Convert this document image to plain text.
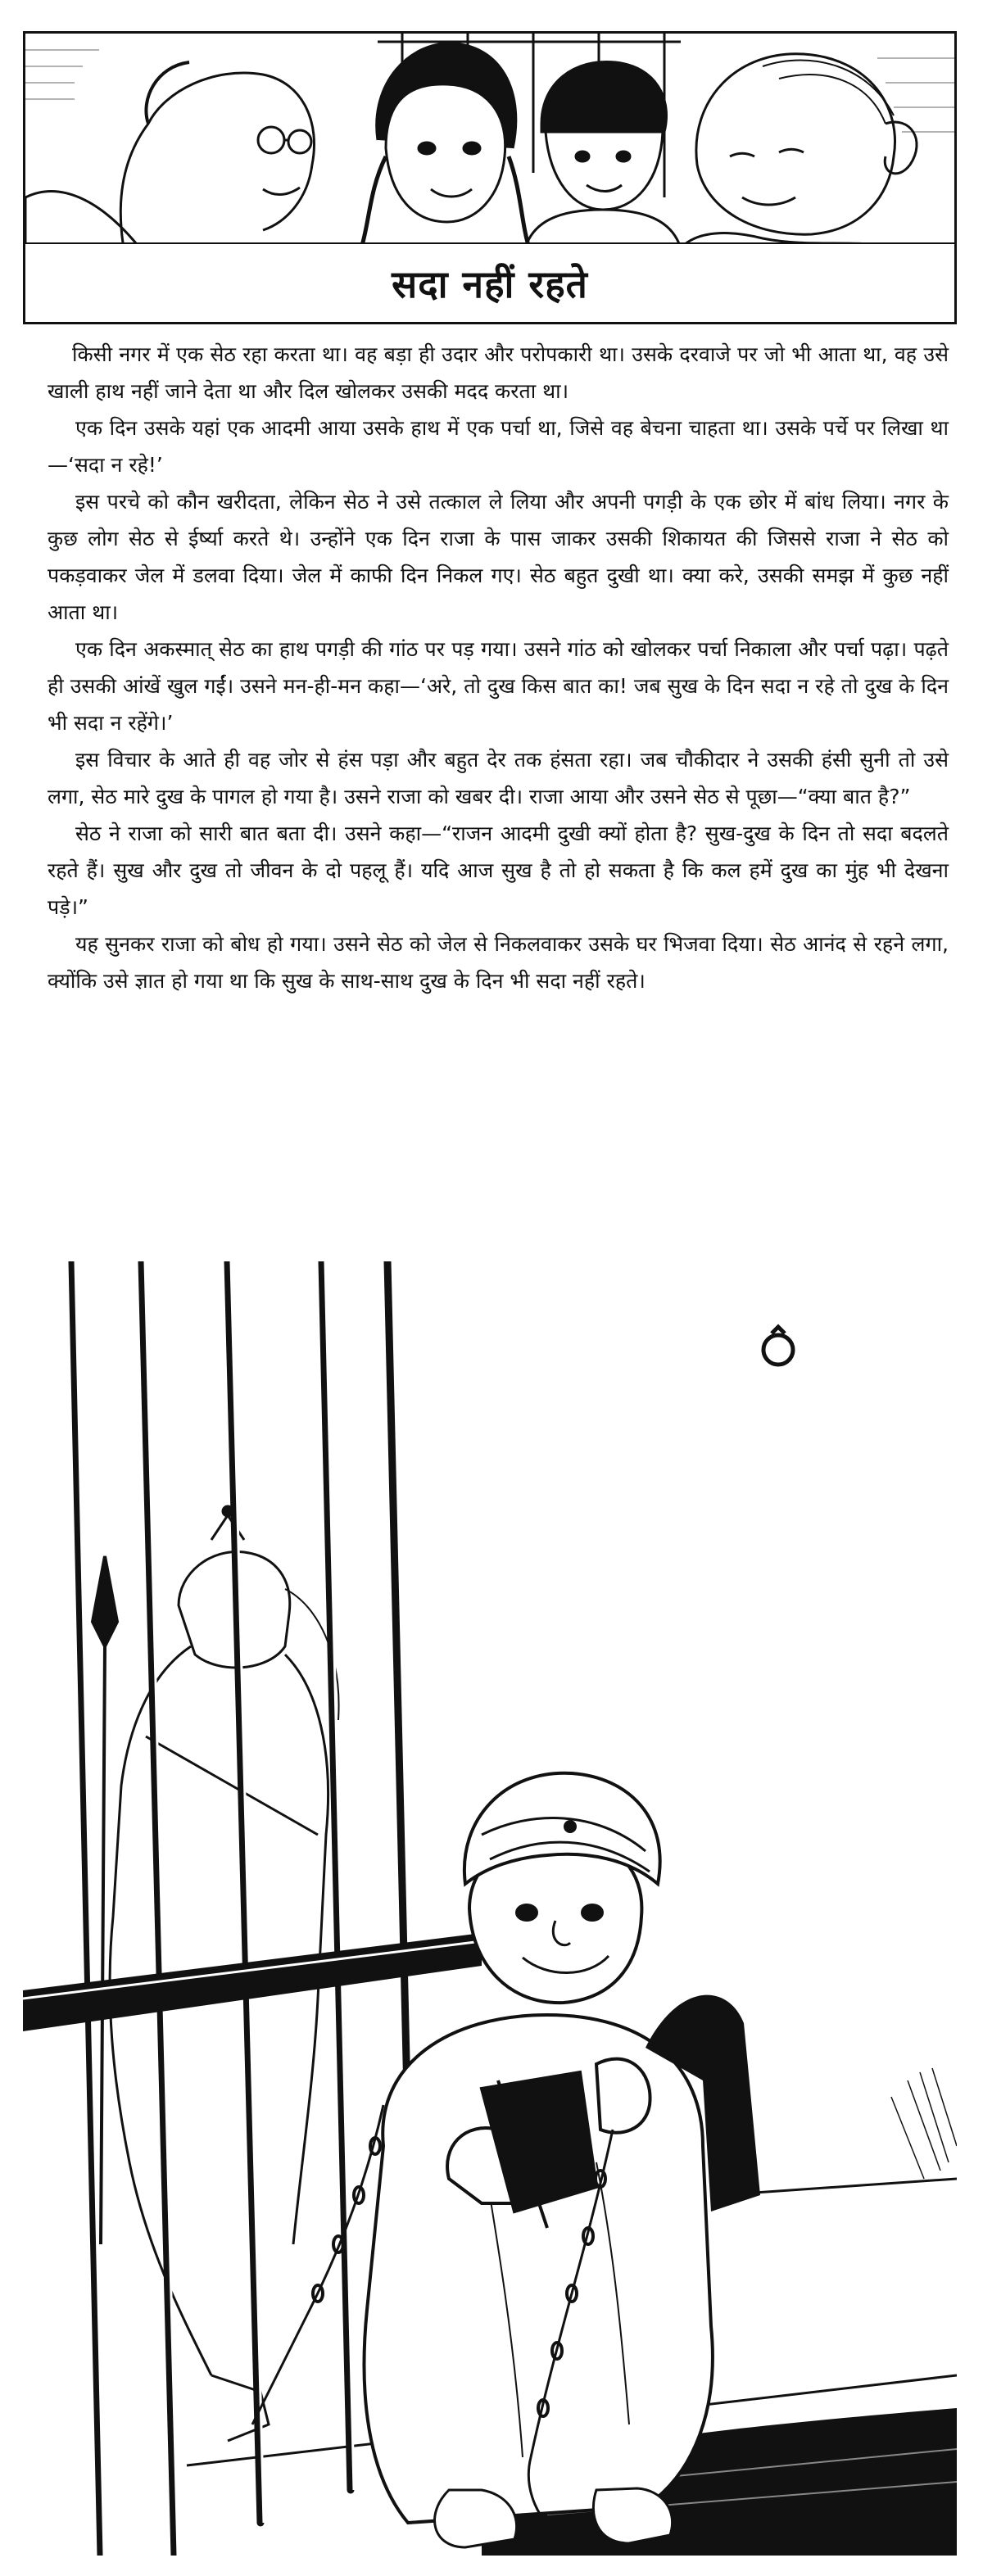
सदा नहीं रहते

किसी नगर में एक सेठ रहा करता था। वह बड़ा ही उदार और परोपकारी था। उसके दरवाजे पर जो भी आता था, वह उसे खाली हाथ नहीं जाने देता था और दिल खोलकर उसकी मदद करता था।

एक दिन उसके यहां एक आदमी आया उसके हाथ में एक पर्चा था, जिसे वह बेचना चाहता था। उसके पर्चे पर लिखा था—‘सदा न रहे!’

इस परचे को कौन खरीदता, लेकिन सेठ ने उसे तत्काल ले लिया और अपनी पगड़ी के एक छोर में बांध लिया। नगर के कुछ लोग सेठ से ईर्ष्या करते थे। उन्होंने एक दिन राजा के पास जाकर उसकी शिकायत की जिससे राजा ने सेठ को पकड़वाकर जेल में डलवा दिया। जेल में काफी दिन निकल गए। सेठ बहुत दुखी था। क्या करे, उसकी समझ में कुछ नहीं आता था।

एक दिन अकस्मात् सेठ का हाथ पगड़ी की गांठ पर पड़ गया। उसने गांठ को खोलकर पर्चा निकाला और पर्चा पढ़ा। पढ़ते ही उसकी आंखें खुल गईं। उसने मन-ही-मन कहा—‘अरे, तो दुख किस बात का! जब सुख के दिन सदा न रहे तो दुख के दिन भी सदा न रहेंगे।’

इस विचार के आते ही वह जोर से हंस पड़ा और बहुत देर तक हंसता रहा। जब चौकीदार ने उसकी हंसी सुनी तो उसे लगा, सेठ मारे दुख के पागल हो गया है। उसने राजा को खबर दी। राजा आया और उसने सेठ से पूछा—“क्या बात है?”

सेठ ने राजा को सारी बात बता दी। उसने कहा—“राजन आदमी दुखी क्यों होता है? सुख-दुख के दिन तो सदा बदलते रहते हैं। सुख और दुख तो जीवन के दो पहलू हैं। यदि आज सुख है तो हो सकता है कि कल हमें दुख का मुंह भी देखना पड़े।”

यह सुनकर राजा को बोध हो गया। उसने सेठ को जेल से निकलवाकर उसके घर भिजवा दिया। सेठ आनंद से रहने लगा, क्योंकि उसे ज्ञात हो गया था कि सुख के साथ-साथ दुख के दिन भी सदा नहीं रहते।
